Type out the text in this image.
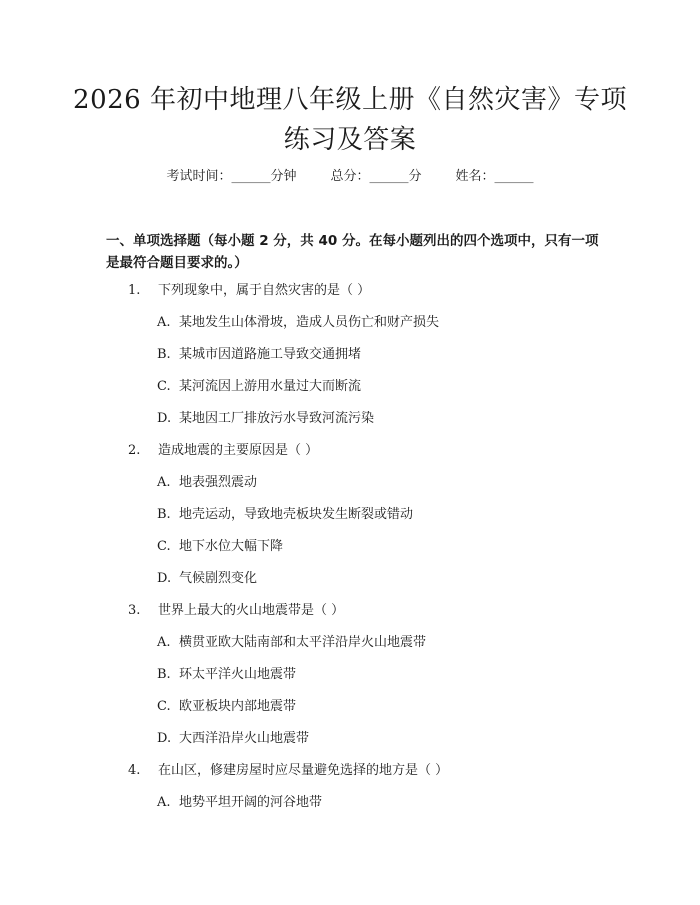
2026 年初中地理八年级上册《自然灾害》专项练习及答案
考试时间：______分钟	总分：______分	姓名：______
一、单项选择题（每小题 2 分，共 40 分。在每小题列出的四个选项中，只有一项是最符合题目要求的。）
1. 下列现象中，属于自然灾害的是（ ）
A. 某地发生山体滑坡，造成人员伤亡和财产损失
B. 某城市因道路施工导致交通拥堵
C. 某河流因上游用水量过大而断流
D. 某地因工厂排放污水导致河流污染
2. 造成地震的主要原因是（ ）
A. 地表强烈震动
B. 地壳运动，导致地壳板块发生断裂或错动
C. 地下水位大幅下降
D. 气候剧烈变化
3. 世界上最大的火山地震带是（ ）
A. 横贯亚欧大陆南部和太平洋沿岸火山地震带
B. 环太平洋火山地震带
C. 欧亚板块内部地震带
D. 大西洋沿岸火山地震带
4. 在山区，修建房屋时应尽量避免选择的地方是（ ）
A. 地势平坦开阔的河谷地带
